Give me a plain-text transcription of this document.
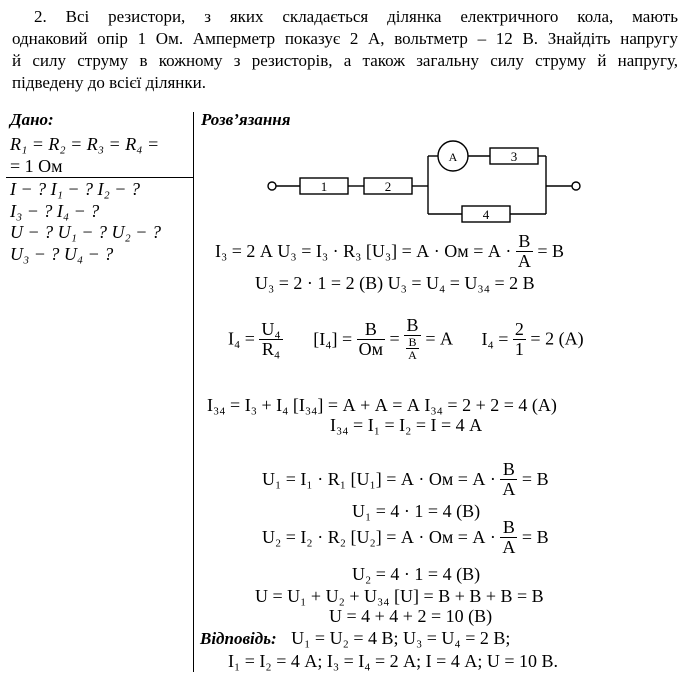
2. Всі резистори, з яких складається ділянка електричного кола, мають
однаковий опір 1 Ом. Амперметр показує 2 А, вольтметр – 12 В. Знайдіть напругу
й силу струму в кожному з резисторів, а також загальну силу струму й напругу,
підведену до всієї ділянки.
Дано:
R₁ = R₂ = R₃ = R₄ =
= 1 Ом
I − ? I₁ − ? I₂ − ?
I₃ − ? I₄ − ?
U − ? U₁ − ? U₂ − ?
U₃ − ? U₄ − ?
Розв’язання
1	2
A	3
4
I₃ = 2 А U₃ = I₃ · R₃ [U₃] = А · Ом = $А \cdot \frac{В}{А} = В$
U₃ = 2 · 1 = 2 (В) U₃ = U₄ = U₃₄ = 2 В
$I_4 = \frac{\text{U₄}}{\text{R₄}} [I_4] = \frac{В}{Ом} = \frac{В}{\frac{В}{А}} = А$ $I_4 = \frac{2}{1} = 2$ (А)
I₃₄ = I₃ + I₄ [I₃₄] = А + А = А I₃₄ = 2 + 2 = 4 (А)
I₃₄ = I₁ = I₂ = I = 4 А
U₁ = I₁ · R₁ [U₁] = А · Ом = $А \cdot \frac{В}{А} = В$
U₁ = 4 · 1 = 4 (В)
U₂ = I₂ · R₂ [U₂] = А · Ом = $А \cdot \frac{В}{А} = В$
U₂ = 4 · 1 = 4 (В)
U = U₁ + U₂ + U₃₄ [U] = В + В + В = В
U = 4 + 4 + 2 = 10 (В)
Відповідь: U₁ = U₂ = 4 В; U₃ = U₄ = 2 В;
I₁ = I₂ = 4 А; I₃ = I₄ = 2 А; I = 4 А; U = 10 В.
